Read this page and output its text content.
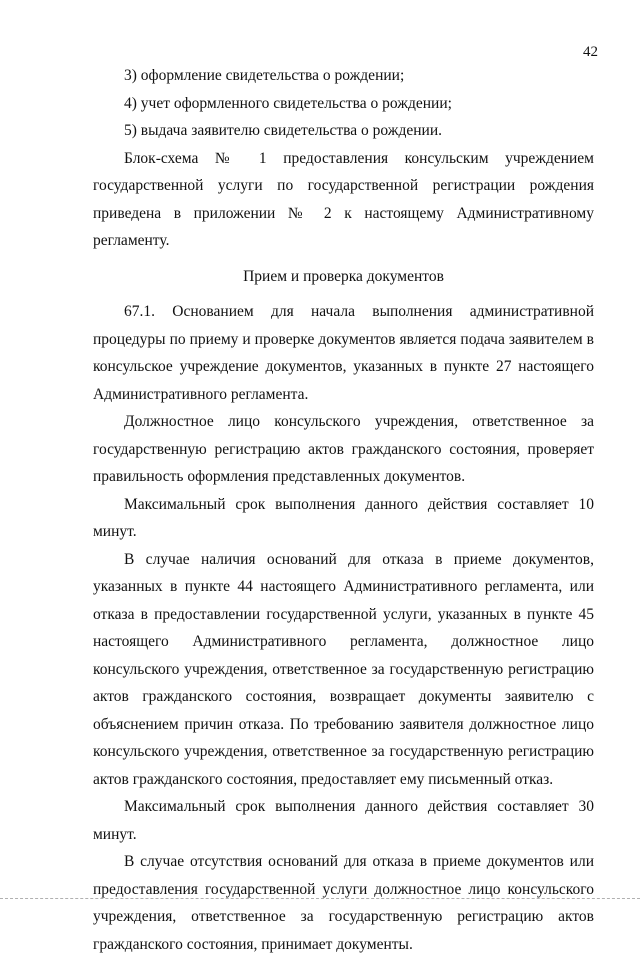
42

3) оформление свидетельства о рождении;

4) учет оформленного свидетельства о рождении;

5) выдача заявителю свидетельства о рождении.

Блок-схема № 1 предоставления консульским учреждением государственной услуги по государственной регистрации рождения приведена в приложении № 2 к настоящему Административному регламенту.

Прием и проверка документов

67.1. Основанием для начала выполнения административной процедуры по приему и проверке документов является подача заявителем в консульское учреждение документов, указанных в пункте 27 настоящего Административного регламента.

Должностное лицо консульского учреждения, ответственное за государственную регистрацию актов гражданского состояния, проверяет правильность оформления представленных документов.

Максимальный срок выполнения данного действия составляет 10 минут.

В случае наличия оснований для отказа в приеме документов, указанных в пункте 44 настоящего Административного регламента, или отказа в предоставлении государственной услуги, указанных в пункте 45 настоящего Административного регламента, должностное лицо консульского учреждения, ответственное за государственную регистрацию актов гражданского состояния, возвращает документы заявителю с объяснением причин отказа. По требованию заявителя должностное лицо консульского учреждения, ответственное за государственную регистрацию актов гражданского состояния, предоставляет ему письменный отказ.

Максимальный срок выполнения данного действия составляет 30 минут.

В случае отсутствия оснований для отказа в приеме документов или предоставления государственной услуги должностное лицо консульского учреждения, ответственное за государственную регистрацию актов гражданского состояния, принимает документы.
